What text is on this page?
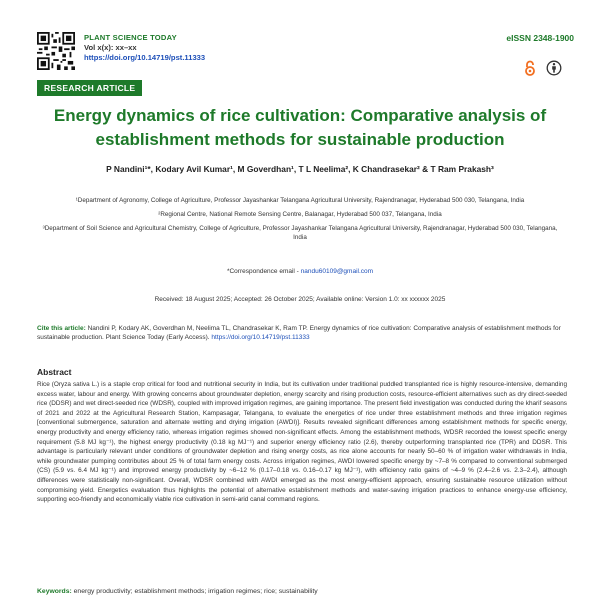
PLANT SCIENCE TODAY
Vol x(x): xx–xx
https://doi.org/10.14719/pst.11333
eISSN 2348-1900
RESEARCH ARTICLE
Energy dynamics of rice cultivation: Comparative analysis of establishment methods for sustainable production
P Nandini¹*, Kodary Avil Kumar¹, M Goverdhan¹, T L Neelima², K Chandrasekar² & T Ram Prakash³

¹Department of Agronomy, College of Agriculture, Professor Jayashankar Telangana Agricultural University, Rajendranagar, Hyderabad 500 030, Telangana, India

²Regional Centre, National Remote Sensing Centre, Balanagar, Hyderabad 500 037, Telangana, India

³Department of Soil Science and Agricultural Chemistry, College of Agriculture, Professor Jayashankar Telangana Agricultural University, Rajendranagar, Hyderabad 500 030, Telangana, India

*Correspondence email - nandu60109@gmail.com
Received: 18 August 2025; Accepted: 26 October 2025; Available online: Version 1.0: xx xxxxxx 2025
Cite this article: Nandini P, Kodary AK, Goverdhan M, Neelima TL, Chandrasekar K, Ram TP. Energy dynamics of rice cultivation: Comparative analysis of establishment methods for sustainable production. Plant Science Today (Early Access). https://doi.org/10.14719/pst.11333
Abstract
Rice (Oryza sativa L.) is a staple crop critical for food and nutritional security in India, but its cultivation under traditional puddled transplanted rice is highly resource-intensive, demanding excess water, labour and energy. With growing concerns about groundwater depletion, energy scarcity and rising production costs, resource-efficient alternatives such as dry direct-seeded rice (DDSR) and wet direct-seeded rice (WDSR), coupled with improved irrigation regimes, are gaining importance. The present field investigation was conducted during the kharif seasons of 2021 and 2022 at the Agricultural Research Station, Kampasagar, Telangana, to evaluate the energetics of rice under three establishment methods and three irrigation regimes [conventional submergence, saturation and alternate wetting and drying irrigation (AWDI)]. Results revealed significant differences among establishment methods for specific energy, energy productivity and energy efficiency ratio, whereas irrigation regimes showed non-significant effects. Among the establishment methods, WDSR recorded the lowest specific energy requirement (5.8 MJ kg⁻¹), the highest energy productivity (0.18 kg MJ⁻¹) and superior energy efficiency ratio (2.6), thereby outperforming transplanted rice (TPR) and DDSR. This advantage is particularly relevant under conditions of groundwater depletion and rising energy costs, as rice alone accounts for nearly 50–60 % of irrigation water withdrawals in India, while groundwater pumping contributes about 25 % of total farm energy costs. Across irrigation regimes, AWDI lowered specific energy by ~7–8 % compared to conventional submerged (CS) (5.9 vs. 6.4 MJ kg⁻¹) and improved energy productivity by ~6–12 % (0.17–0.18 vs. 0.16–0.17 kg MJ⁻¹), with efficiency ratio gains of ~4–9 % (2.4–2.6 vs. 2.3–2.4), although differences were statistically non-significant. Overall, WDSR combined with AWDI emerged as the most energy-efficient approach, ensuring sustainable resource utilization without compromising yield. Energetics evaluation thus highlights the potential of alternative establishment methods and water-saving irrigation practices to enhance energy-use efficiency, supporting eco-friendly and economically viable rice cultivation in semi-arid canal command regions.
Keywords: energy productivity; establishment methods; irrigation regimes; rice; sustainability
